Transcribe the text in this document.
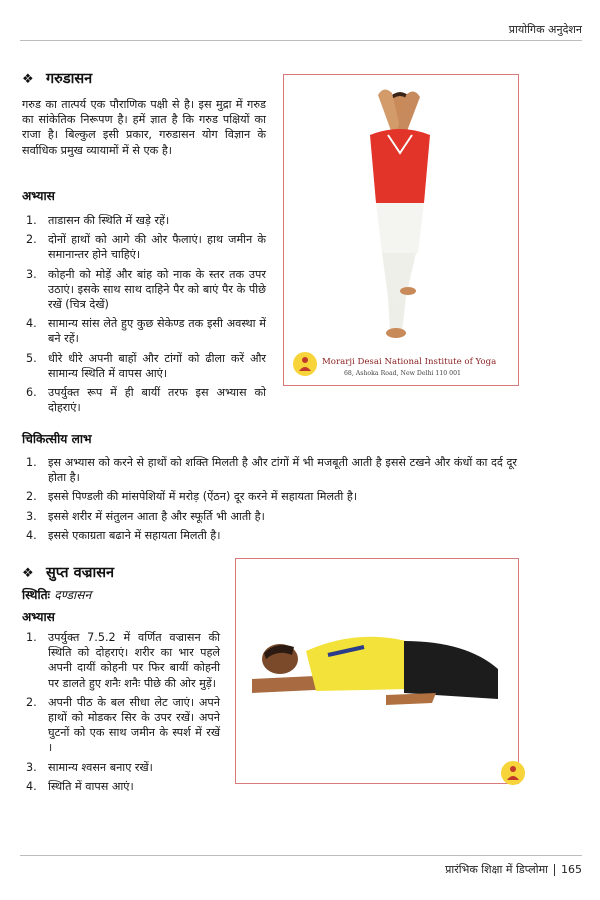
प्रायोगिक अनुदेशन
❖ गरुडासन
गरुड का तात्पर्य एक पौराणिक पक्षी से है। इस मुद्रा में गरुड का सांकेतिक निरूपण है। हमें ज्ञात है कि गरुड पक्षियों का राजा है। बिल्कुल इसी प्रकार, गरुडासन योग विज्ञान के सर्वाधिक प्रमुख व्यायामों में से एक है।
अभ्यास
1.	ताडासन की स्थिति में खड़े रहें।
2.	दोनों हाथों को आगे की ओर फैलाएं। हाथ जमीन के समानान्तर होने चाहिएं।
3.	कोहनी को मोड़ें और बांह को नाक के स्तर तक उपर उठाएं। इसके साथ साथ दाहिने पैर को बाएं पैर के पीछे रखें (चित्र देखें)
4.	सामान्य सांस लेते हुए कुछ सेकेण्ड तक इसी अवस्था में बने रहें।
5.	धीरे धीरे अपनी बाहों और टांगों को ढीला करें और सामान्य स्थिति में वापस आएं।
6.	उपर्युक्त रूप में ही बायीं तरफ इस अभ्यास को दोहराएं।
चिकित्सीय लाभ
1.	इस अभ्यास को करने से हाथों को शक्ति मिलती है और टांगों में भी मजबूती आती है इससे टखने और कंधों का दर्द दूर होता है।
2.	इससे पिण्डली की मांसपेशियों में मरोड़ (ऐंठन) दूर करने में सहायता मिलती है।
3.	इससे शरीर में संतुलन आता है और स्फूर्ति भी आती है।
4.	इससे एकाग्रता बढाने में सहायता मिलती है।
Morarji Desai National Institute of Yoga
68, Ashoka Road, New Delhi 110 001
❖ सुप्त वज्रासन
स्थितिः दण्डासन
अभ्यास
1.	उपर्युक्त 7.5.2 में वर्णित वज्रासन की स्थिति को दोहराएं। शरीर का भार पहले अपनी दायीं कोहनी पर फिर बायीं कोहनी पर डालते हुए शनैः शनैः पीछे की ओर मुड़ें।
2.	अपनी पीठ के बल सीधा लेट जाएं। अपने हाथों को मोडकर सिर के उपर रखें। अपने घुटनों को एक साथ जमीन के स्पर्श में रखें ।
3.	सामान्य श्वसन बनाए रखें।
4.	स्थिति में वापस आएं।
प्रारंभिक शिक्षा में डिप्लोमा 165
